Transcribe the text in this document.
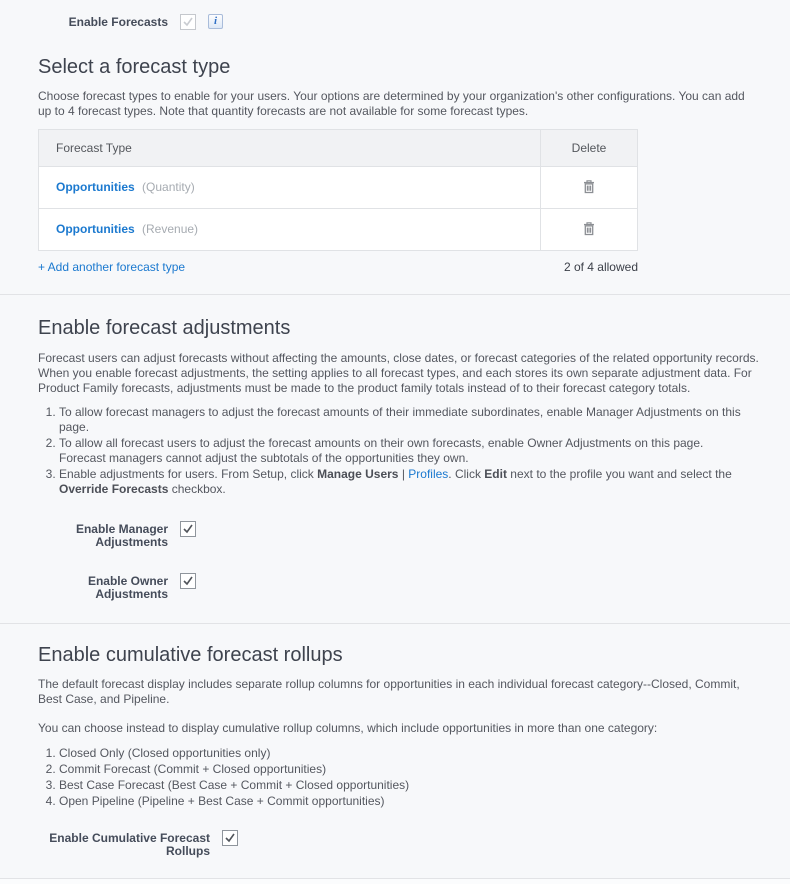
Enable Forecasts	i
Select a forecast type

Choose forecast types to enable for your users. Your options are determined by your organization's other configurations. You can add up to 4 forecast types. Note that quantity forecasts are not available for some forecast types.

Forecast Type	Delete
Opportunities (Quantity)	
Opportunities (Revenue)	
+ Add another forecast type	2 of 4 allowed
Enable forecast adjustments

Forecast users can adjust forecasts without affecting the amounts, close dates, or forecast categories of the related opportunity records. When you enable forecast adjustments, the setting applies to all forecast types, and each stores its own separate adjustment data. For Product Family forecasts, adjustments must be made to the product family totals instead of to their forecast category totals.

1. To allow forecast managers to adjust the forecast amounts of their immediate subordinates, enable Manager Adjustments on this page.
2. To allow all forecast users to adjust the forecast amounts on their own forecasts, enable Owner Adjustments on this page. Forecast managers cannot adjust the subtotals of the opportunities they own.
3. Enable adjustments for users. From Setup, click Manage Users | Profiles. Click Edit next to the profile you want and select the Override Forecasts checkbox.
Enable Manager Adjustments
Enable Owner Adjustments
Enable cumulative forecast rollups

The default forecast display includes separate rollup columns for opportunities in each individual forecast category--Closed, Commit, Best Case, and Pipeline.

You can choose instead to display cumulative rollup columns, which include opportunities in more than one category:

1. Closed Only (Closed opportunities only)
2. Commit Forecast (Commit + Closed opportunities)
3. Best Case Forecast (Best Case + Commit + Closed opportunities)
4. Open Pipeline (Pipeline + Best Case + Commit opportunities)
Enable Cumulative Forecast Rollups
